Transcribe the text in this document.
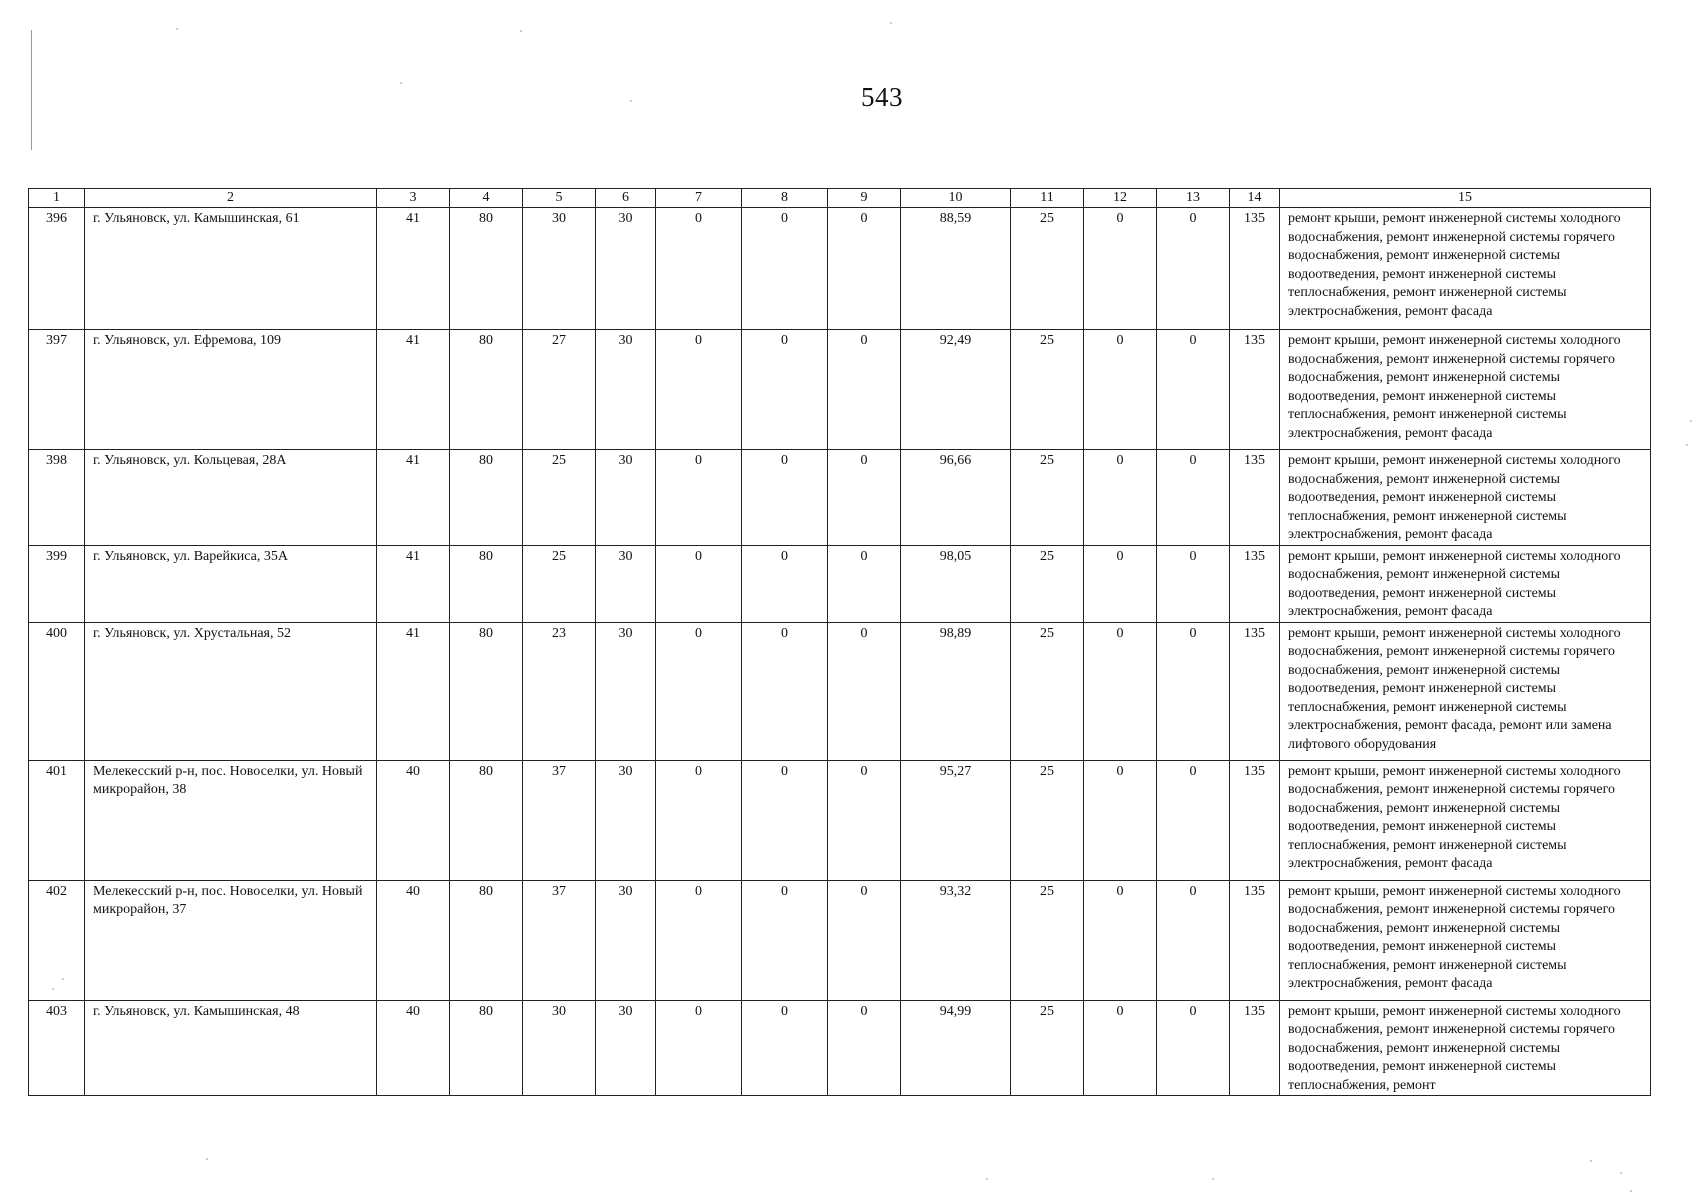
543
1	2	3	4	5	6	7	8	9	10	11	12	13	14	15
396	г. Ульяновск, ул. Камышинская, 61	41	80	30	30	0	0	0	88,59	25	0	0	135	ремонт крыши, ремонт инженерной системы холодного водоснабжения, ремонт инженерной системы горячего водоснабжения, ремонт инженерной системы водоотведения, ремонт инженерной системы теплоснабжения, ремонт инженерной системы электроснабжения, ремонт фасада
397	г. Ульяновск, ул. Ефремова, 109	41	80	27	30	0	0	0	92,49	25	0	0	135	ремонт крыши, ремонт инженерной системы холодного водоснабжения, ремонт инженерной системы горячего водоснабжения, ремонт инженерной системы водоотведения, ремонт инженерной системы теплоснабжения, ремонт инженерной системы электроснабжения, ремонт фасада
398	г. Ульяновск, ул. Кольцевая, 28А	41	80	25	30	0	0	0	96,66	25	0	0	135	ремонт крыши, ремонт инженерной системы холодного водоснабжения, ремонт инженерной системы водоотведения, ремонт инженерной системы теплоснабжения, ремонт инженерной системы электроснабжения, ремонт фасада
399	г. Ульяновск, ул. Варейкиса, 35А	41	80	25	30	0	0	0	98,05	25	0	0	135	ремонт крыши, ремонт инженерной системы холодного водоснабжения, ремонт инженерной системы водоотведения, ремонт инженерной системы электроснабжения, ремонт фасада
400	г. Ульяновск, ул. Хрустальная, 52	41	80	23	30	0	0	0	98,89	25	0	0	135	ремонт крыши, ремонт инженерной системы холодного водоснабжения, ремонт инженерной системы горячего водоснабжения, ремонт инженерной системы водоотведения, ремонт инженерной системы теплоснабжения, ремонт инженерной системы электроснабжения, ремонт фасада, ремонт или замена лифтового оборудования
401	Мелекесский р-н, пос. Новоселки, ул. Новый микрорайон, 38	40	80	37	30	0	0	0	95,27	25	0	0	135	ремонт крыши, ремонт инженерной системы холодного водоснабжения, ремонт инженерной системы горячего водоснабжения, ремонт инженерной системы водоотведения, ремонт инженерной системы теплоснабжения, ремонт инженерной системы электроснабжения, ремонт фасада
402	Мелекесский р-н, пос. Новоселки, ул. Новый микрорайон, 37	40	80	37	30	0	0	0	93,32	25	0	0	135	ремонт крыши, ремонт инженерной системы холодного водоснабжения, ремонт инженерной системы горячего водоснабжения, ремонт инженерной системы водоотведения, ремонт инженерной системы теплоснабжения, ремонт инженерной системы электроснабжения, ремонт фасада
403	г. Ульяновск, ул. Камышинская, 48	40	80	30	30	0	0	0	94,99	25	0	0	135	ремонт крыши, ремонт инженерной системы холодного водоснабжения, ремонт инженерной системы горячего водоснабжения, ремонт инженерной системы водоотведения, ремонт инженерной системы теплоснабжения, ремонт
